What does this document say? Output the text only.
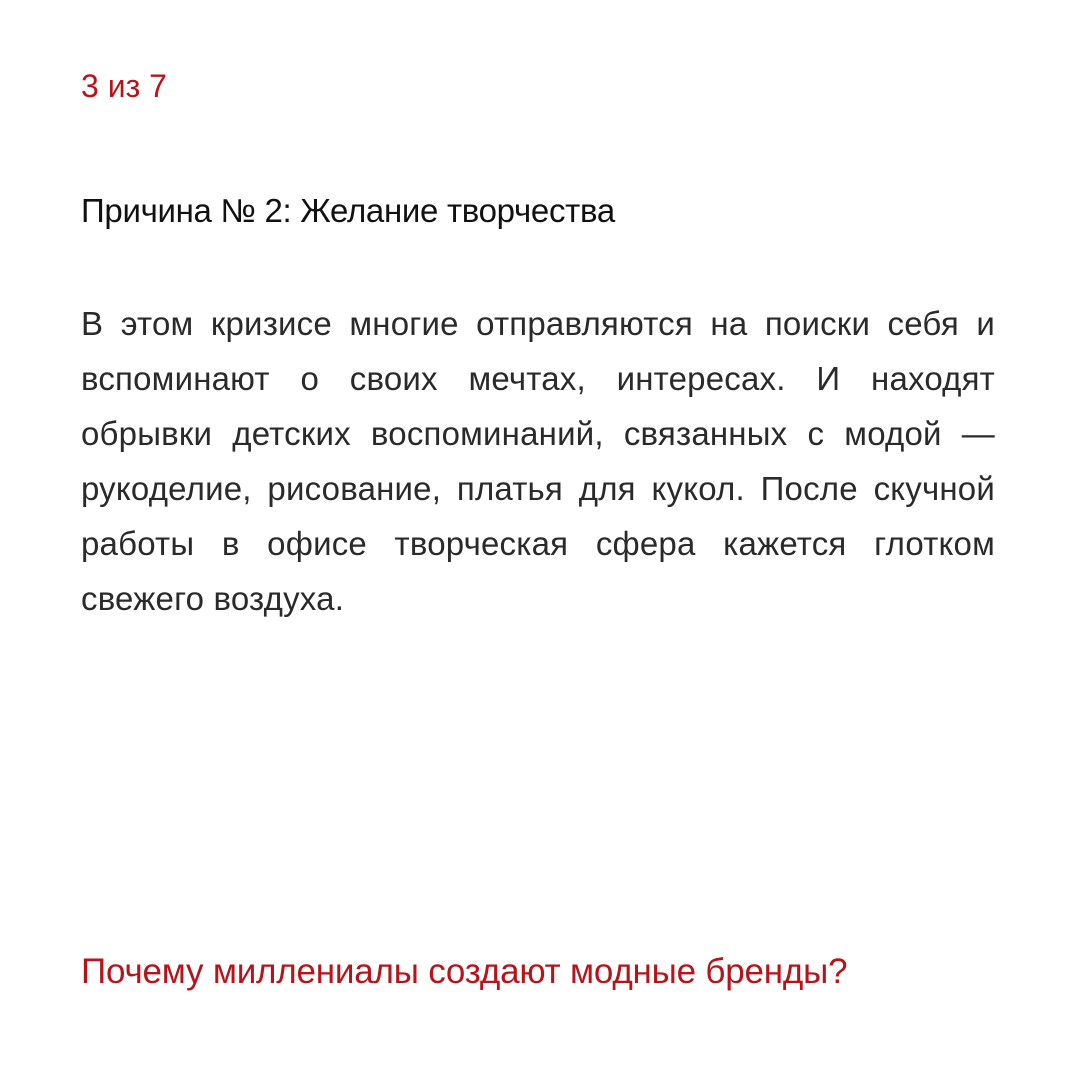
3 из 7

Причина № 2: Желание творчества

В этом кризисе многие отправляются на поиски себя и вспоминают о своих мечтах, интересах. И находят обрывки детских воспоминаний, связанных с модой — рукоделие, рисование, платья для кукол. После скучной работы в офисе творческая сфера кажется глотком свежего воздуха.

Почему миллениалы создают модные бренды?
